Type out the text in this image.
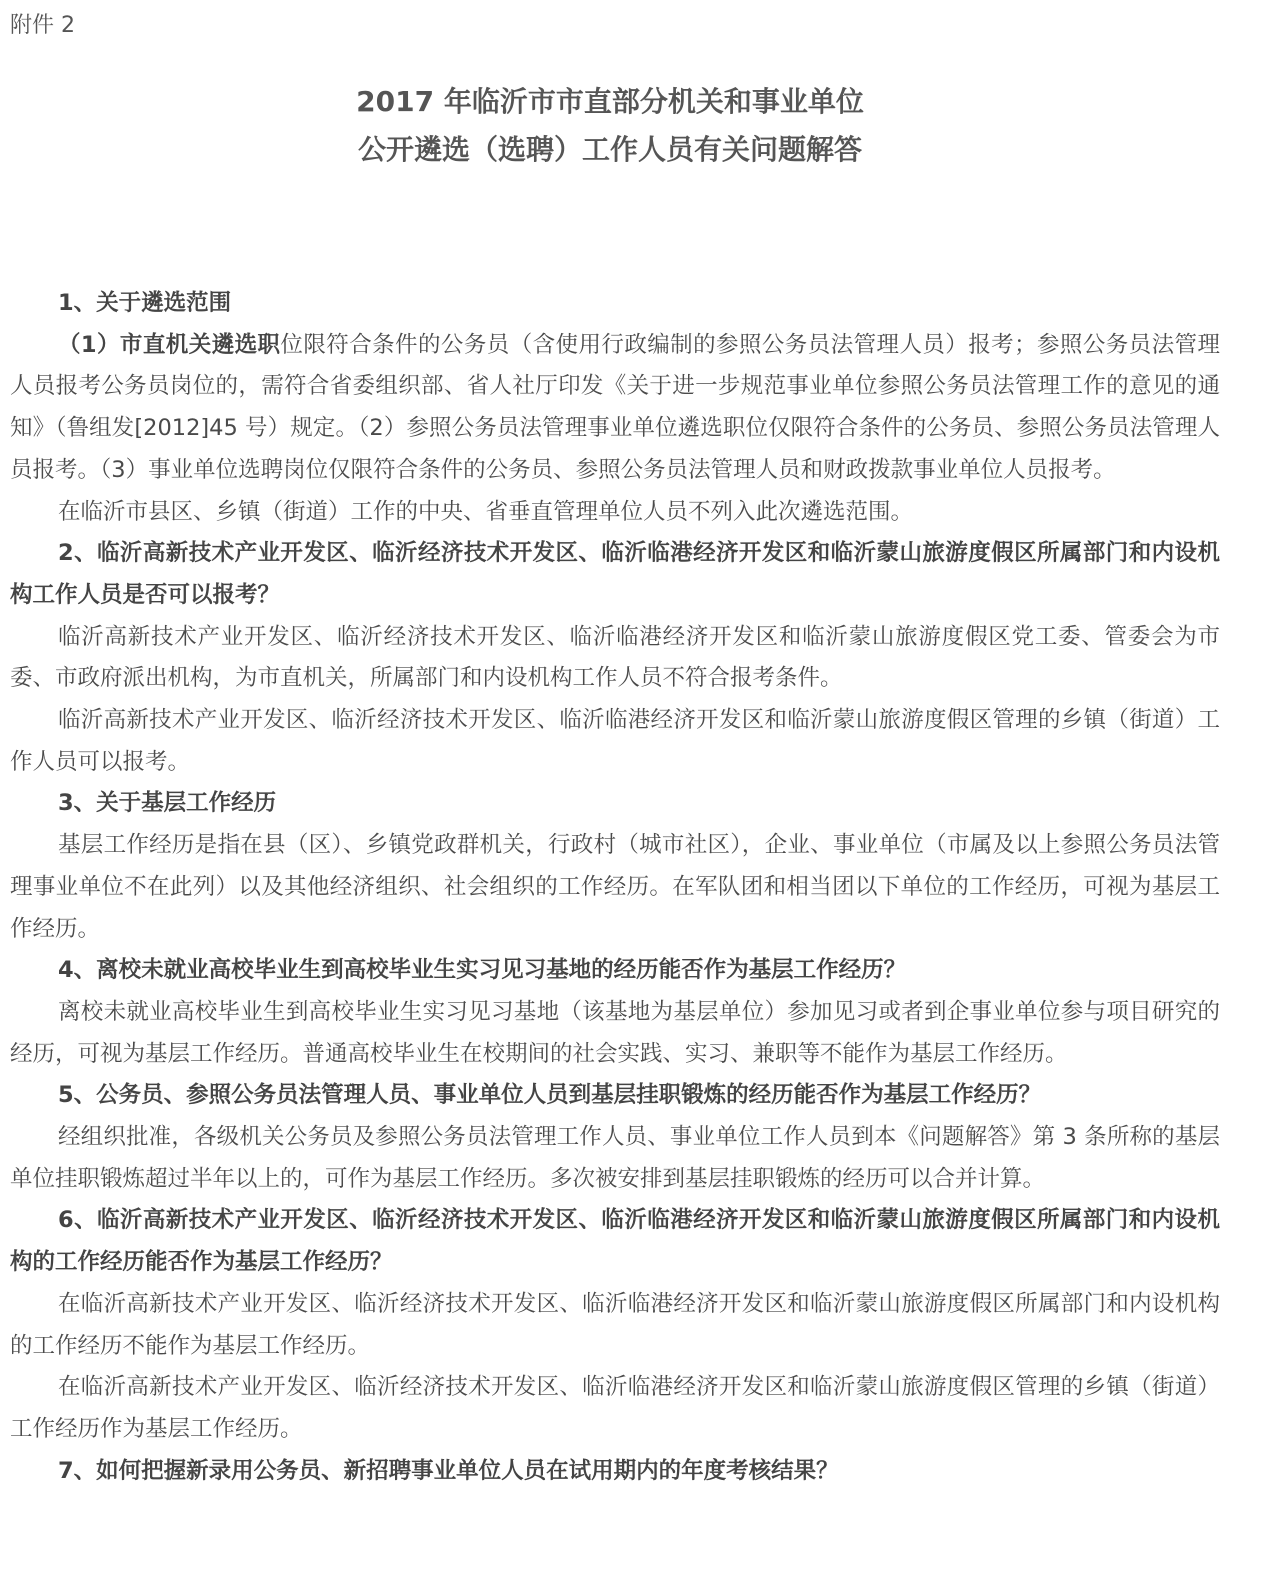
附件 2
2017 年临沂市市直部分机关和事业单位
公开遴选（选聘）工作人员有关问题解答

1、关于遴选范围

（1）市直机关遴选职位限符合条件的公务员（含使用行政编制的参照公务员法管理人员）报考；参照公务员法管理人员报考公务员岗位的，需符合省委组织部、省人社厅印发《关于进一步规范事业单位参照公务员法管理工作的意见的通知》（鲁组发[2012]45 号）规定。（2）参照公务员法管理事业单位遴选职位仅限符合条件的公务员、参照公务员法管理人员报考。（3）事业单位选聘岗位仅限符合条件的公务员、参照公务员法管理人员和财政拨款事业单位人员报考。

在临沂市县区、乡镇（街道）工作的中央、省垂直管理单位人员不列入此次遴选范围。

2、临沂高新技术产业开发区、临沂经济技术开发区、临沂临港经济开发区和临沂蒙山旅游度假区所属部门和内设机构工作人员是否可以报考？

临沂高新技术产业开发区、临沂经济技术开发区、临沂临港经济开发区和临沂蒙山旅游度假区党工委、管委会为市委、市政府派出机构，为市直机关，所属部门和内设机构工作人员不符合报考条件。

临沂高新技术产业开发区、临沂经济技术开发区、临沂临港经济开发区和临沂蒙山旅游度假区管理的乡镇（街道）工作人员可以报考。

3、关于基层工作经历

基层工作经历是指在县（区）、乡镇党政群机关，行政村（城市社区），企业、事业单位（市属及以上参照公务员法管理事业单位不在此列）以及其他经济组织、社会组织的工作经历。在军队团和相当团以下单位的工作经历，可视为基层工作经历。

4、离校未就业高校毕业生到高校毕业生实习见习基地的经历能否作为基层工作经历？

离校未就业高校毕业生到高校毕业生实习见习基地（该基地为基层单位）参加见习或者到企事业单位参与项目研究的经历，可视为基层工作经历。普通高校毕业生在校期间的社会实践、实习、兼职等不能作为基层工作经历。

5、公务员、参照公务员法管理人员、事业单位人员到基层挂职锻炼的经历能否作为基层工作经历？

经组织批准，各级机关公务员及参照公务员法管理工作人员、事业单位工作人员到本《问题解答》第 3 条所称的基层单位挂职锻炼超过半年以上的，可作为基层工作经历。多次被安排到基层挂职锻炼的经历可以合并计算。

6、临沂高新技术产业开发区、临沂经济技术开发区、临沂临港经济开发区和临沂蒙山旅游度假区所属部门和内设机构的工作经历能否作为基层工作经历？

在临沂高新技术产业开发区、临沂经济技术开发区、临沂临港经济开发区和临沂蒙山旅游度假区所属部门和内设机构的工作经历不能作为基层工作经历。

在临沂高新技术产业开发区、临沂经济技术开发区、临沂临港经济开发区和临沂蒙山旅游度假区管理的乡镇（街道）工作经历作为基层工作经历。

7、如何把握新录用公务员、新招聘事业单位人员在试用期内的年度考核结果？
